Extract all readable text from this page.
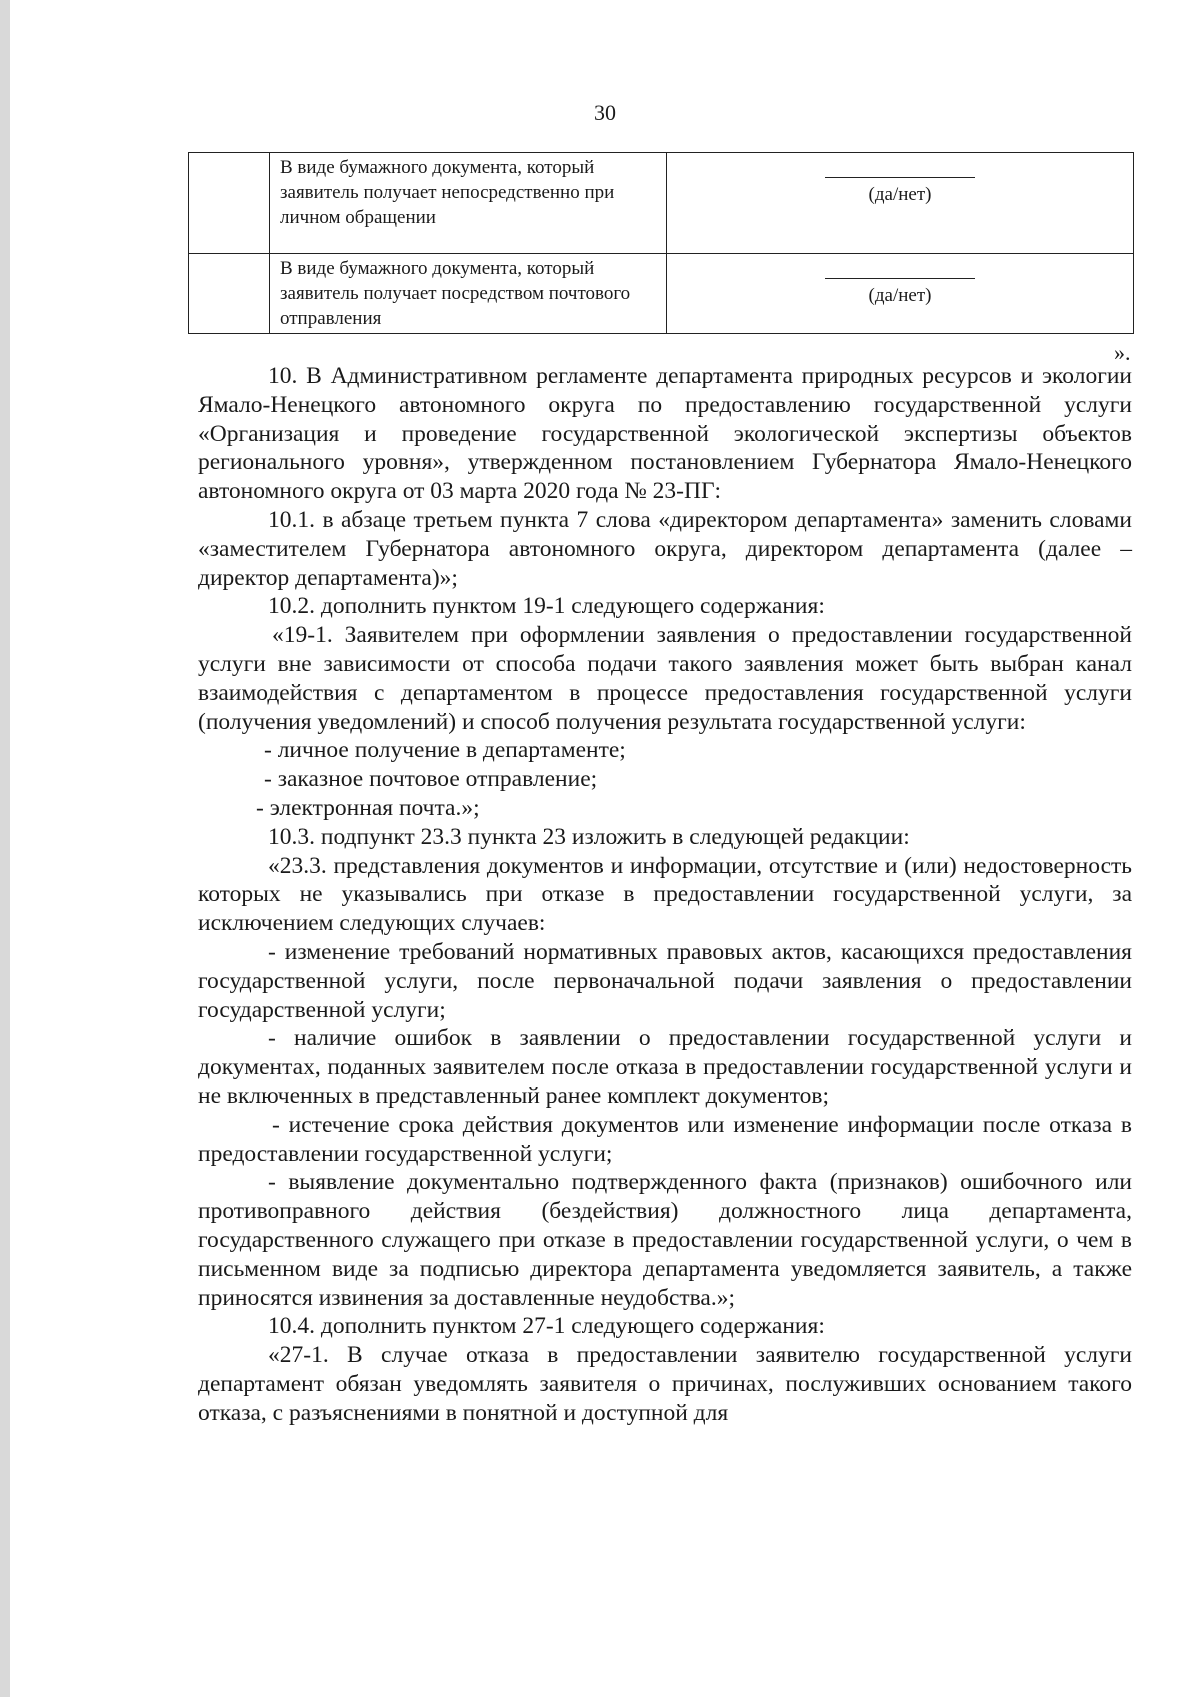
30
	В виде бумажного документа, который заявитель получает непосредственно при личном обращении	(да/нет)

	В виде бумажного документа, который заявитель получает посредством почтового отправления	(да/нет)
».

10. В Административном регламенте департамента природных ресурсов и экологии Ямало-Ненецкого автономного округа по предоставлению государственной услуги «Организация и проведение государственной экологической экспертизы объектов регионального уровня», утвержденном постановлением Губернатора Ямало-Ненецкого автономного округа от 03 марта 2020 года № 23-ПГ:

10.1. в абзаце третьем пункта 7 слова «директором департамента» заменить словами «заместителем Губернатора автономного округа, директором департамента (далее – директор департамента)»;

10.2. дополнить пунктом 19-1 следующего содержания:

«19-1. Заявителем при оформлении заявления о предоставлении государственной услуги вне зависимости от способа подачи такого заявления может быть выбран канал взаимодействия с департаментом в процессе предоставления государственной услуги (получения уведомлений) и способ получения результата государственной услуги:

- личное получение в департаменте;

- заказное почтовое отправление;

- электронная почта.»;

10.3. подпункт 23.3 пункта 23 изложить в следующей редакции:

«23.3. представления документов и информации, отсутствие и (или) недостоверность которых не указывались при отказе в предоставлении государственной услуги, за исключением следующих случаев:

- изменение требований нормативных правовых актов, касающихся предоставления государственной услуги, после первоначальной подачи заявления о предоставлении государственной услуги;

- наличие ошибок в заявлении о предоставлении государственной услуги и документах, поданных заявителем после отказа в предоставлении государственной услуги и не включенных в представленный ранее комплект документов;

- истечение срока действия документов или изменение информации после отказа в предоставлении государственной услуги;

- выявление документально подтвержденного факта (признаков) ошибочного или противоправного действия (бездействия) должностного лица департамента, государственного служащего при отказе в предоставлении государственной услуги, о чем в письменном виде за подписью директора департамента уведомляется заявитель, а также приносятся извинения за доставленные неудобства.»;

10.4. дополнить пунктом 27-1 следующего содержания:

«27-1. В случае отказа в предоставлении заявителю государственной услуги департамент обязан уведомлять заявителя о причинах, послуживших основанием такого отказа, с разъяснениями в понятной и доступной для
